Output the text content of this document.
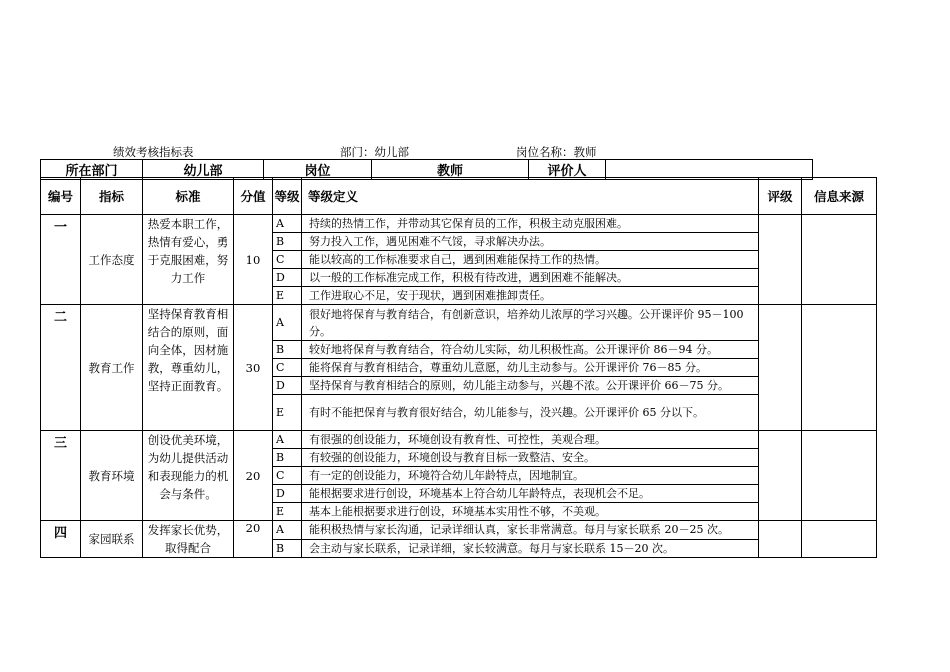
绩效考核指标表	部门：幼儿部	岗位名称：教师
所在部门	幼儿部	岗位	教师	评价人	
编号	指标	标准	分值	等级	等级定义	评级	信息来源
一	工作态度	热爱本职工作，热情有爱心，勇于克服困难，努力工作	10	A	持续的热情工作，并带动其它保育员的工作，积极主动克服困难。		
				B	努力投入工作，遇见困难不气馁，寻求解决办法。		
				C	能以较高的工作标准要求自己，遇到困难能保持工作的热情。		
				D	以一般的工作标准完成工作，积极有待改进，遇到困难不能解决。		
				E	工作进取心不足，安于现状，遇到困难推卸责任。		
二	教育工作	坚持保育教育相结合的原则，面向全体，因材施教，尊重幼儿，坚持正面教育。	30	A	很好地将保育与教育结合，有创新意识，培养幼儿浓厚的学习兴趣。公开课评价 95－100 分。		
				B	较好地将保育与教育结合，符合幼儿实际，幼儿积极性高。公开课评价 86－94 分。		
				C	能将保育与教育相结合，尊重幼儿意愿，幼儿主动参与。公开课评价 76－85 分。		
				D	坚持保育与教育相结合的原则，幼儿能主动参与，兴趣不浓。公开课评价 66－75 分。		
				E	有时不能把保育与教育很好结合，幼儿能参与，没兴趣。公开课评价 65 分以下。		
三	教育环境	创设优美环境，为幼儿提供活动和表现能力的机会与条件。	20	A	有很强的创设能力，环境创设有教育性、可控性，美观合理。		
				B	有较强的创设能力，环境创设与教育目标一致整洁、安全。		
				C	有一定的创设能力，环境符合幼儿年龄特点，因地制宜。		
				D	能根据要求进行创设，环境基本上符合幼儿年龄特点，表现机会不足。		
				E	基本上能根据要求进行创设，环境基本实用性不够，不美观。		
四	家园联系	发挥家长优势，取得配合	20	A	能积极热情与家长沟通，记录详细认真，家长非常满意。每月与家长联系 20－25 次。		
				B	会主动与家长联系，记录详细，家长较满意。每月与家长联系 15－20 次。		
